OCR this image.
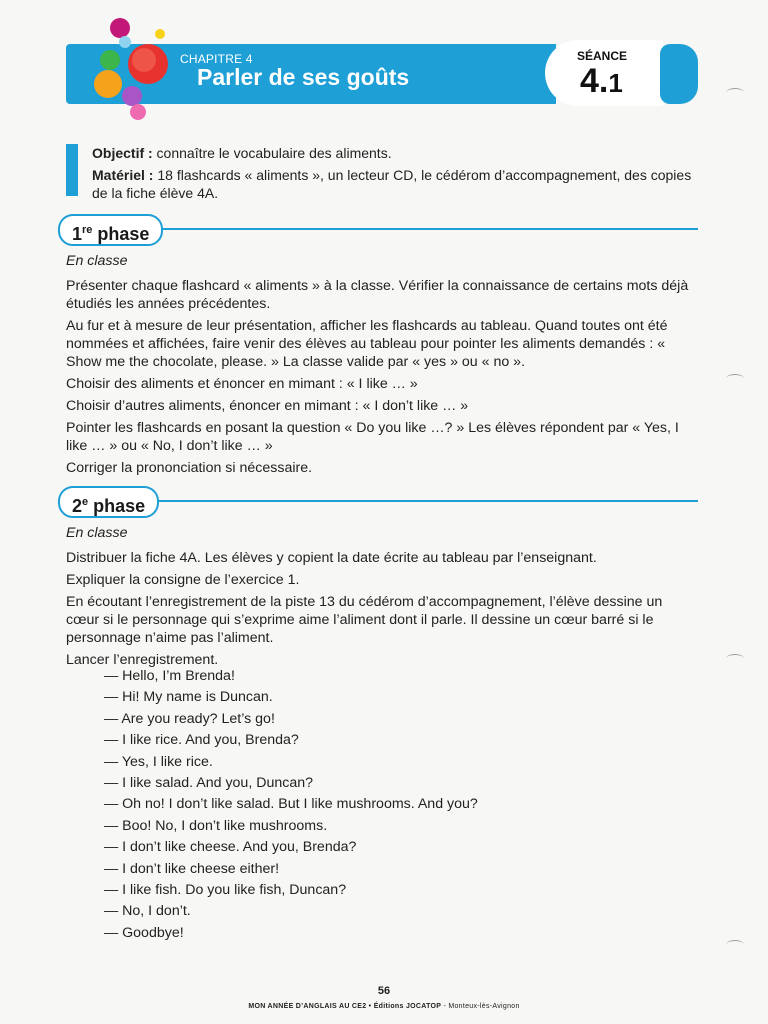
CHAPITRE 4
Parler de ses goûts
SÉANCE
4.1

Objectif : connaître le vocabulaire des aliments.

Matériel : 18 flashcards « aliments », un lecteur CD, le cédérom d’accompagnement, des copies de la fiche élève 4A.

1re phase

En classe

Présenter chaque flashcard « aliments » à la classe. Vérifier la connaissance de certains mots déjà étudiés les années précédentes.

Au fur et à mesure de leur présentation, afficher les flashcards au tableau. Quand toutes ont été nommées et affichées, faire venir des élèves au tableau pour pointer les aliments demandés : « Show me the chocolate, please. » La classe valide par « yes » ou « no ».

Choisir des aliments et énoncer en mimant : « I like … »

Choisir d’autres aliments, énoncer en mimant : « I don’t like … »

Pointer les flashcards en posant la question « Do you like …? » Les élèves répondent par « Yes, I like … » ou « No, I don’t like … »

Corriger la prononciation si nécessaire.

2e phase

En classe

Distribuer la fiche 4A. Les élèves y copient la date écrite au tableau par l’enseignant.

Expliquer la consigne de l’exercice 1.

En écoutant l’enregistrement de la piste 13 du cédérom d’accompagnement, l’élève dessine un cœur si le personnage qui s’exprime aime l’aliment dont il parle. Il dessine un cœur barré si le personnage n’aime pas l’aliment.

Lancer l’enregistrement.

— Hello, I’m Brenda!
— Hi! My name is Duncan.
— Are you ready? Let’s go!
— I like rice. And you, Brenda?
— Yes, I like rice.
— I like salad. And you, Duncan?
— Oh no! I don’t like salad. But I like mushrooms. And you?
— Boo! No, I don’t like mushrooms.
— I don’t like cheese. And you, Brenda?
— I don’t like cheese either!
— I like fish. Do you like fish, Duncan?
— No, I don’t.
— Goodbye!
56
MON ANNÉE D’ANGLAIS AU CE2 • Éditions JOCATOP - Monteux-lès-Avignon
